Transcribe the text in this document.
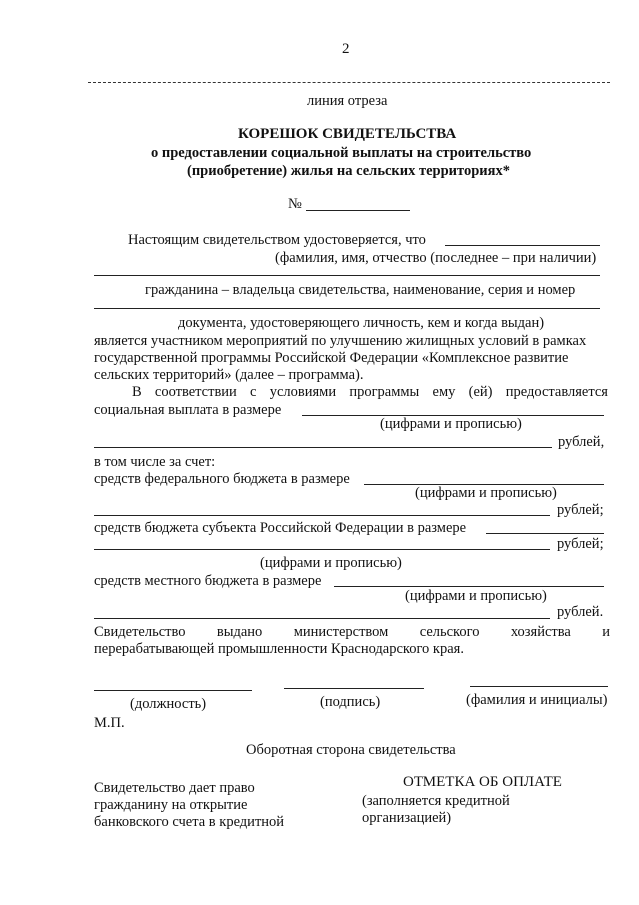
2
линия отреза
КОРЕШОК СВИДЕТЕЛЬСТВА
о предоставлении социальной выплаты на строительство
(приобретение) жилья на сельских территориях*
№
Настоящим свидетельством удостоверяется, что
(фамилия, имя, отчество (последнее – при наличии)
гражданина – владельца свидетельства, наименование, серия и номер
документа, удостоверяющего личность, кем и когда выдан)
является участником мероприятий по улучшению жилищных условий в рамках
государственной программы Российской Федерации «Комплексное развитие
сельских территорий» (далее – программа).
В соответствии с условиями программы ему (ей) предоставляется
социальная выплата в размере
(цифрами и прописью)
рублей,
в том числе за счет:
средств федерального бюджета в размере
(цифрами и прописью)
рублей;
средств бюджета субъекта Российской Федерации в размере
рублей;
(цифрами и прописью)
средств местного бюджета в размере
(цифрами и прописью)
рублей.
Свидетельство выдано министерством сельского хозяйства и
перерабатывающей промышленности Краснодарского края.
(должность)	(подпись)	(фамилия и инициалы)
М.П.
Оборотная сторона свидетельства
Свидетельство дает право
гражданину на открытие
банковского счета в кредитной
ОТМЕТКА ОБ ОПЛАТЕ
(заполняется кредитной
организацией)
